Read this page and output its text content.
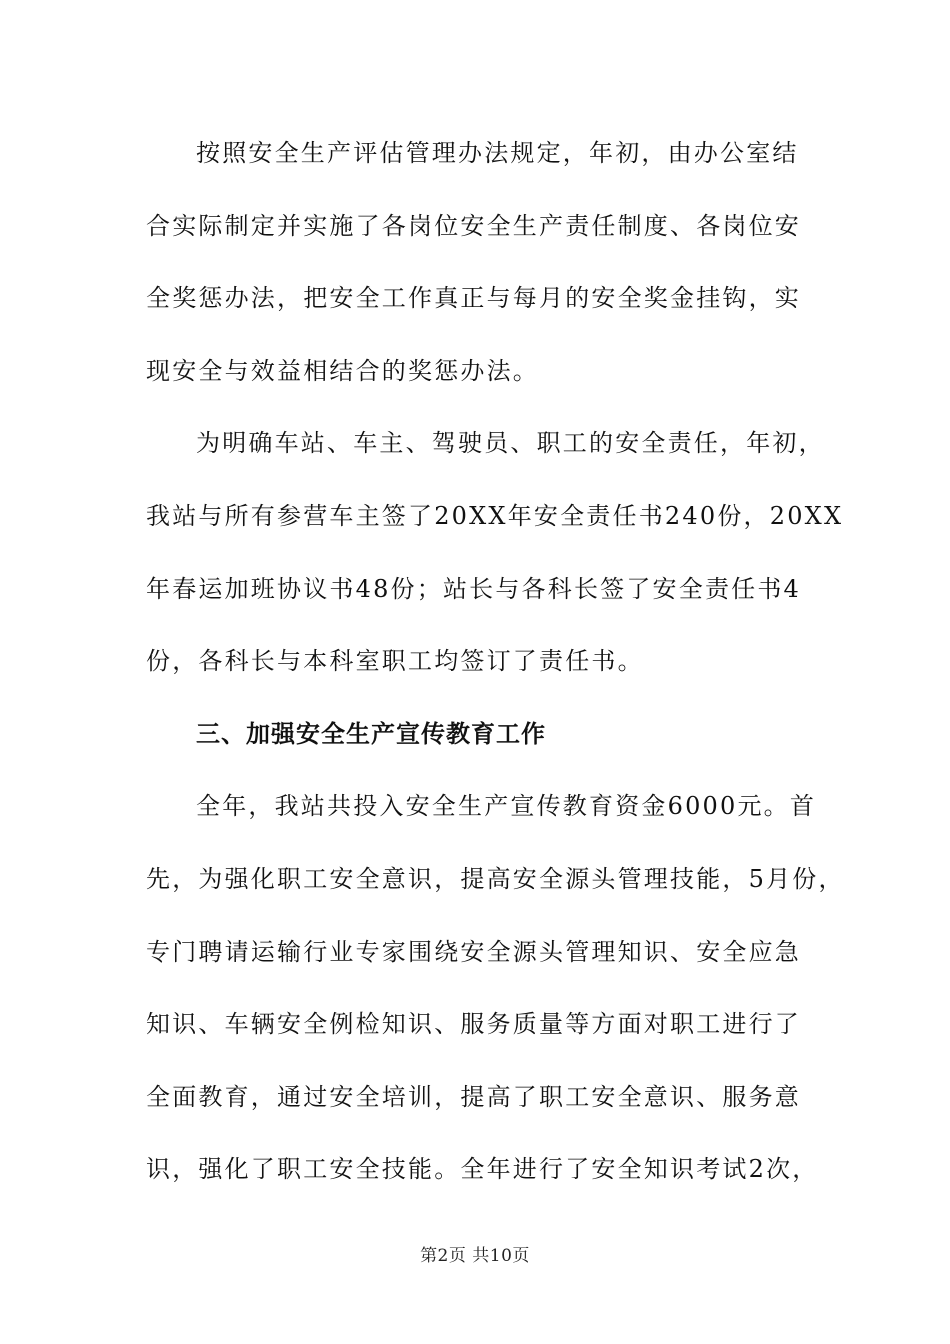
按照安全生产评估管理办法规定，年初，由办公室结
合实际制定并实施了各岗位安全生产责任制度、各岗位安
全奖惩办法，把安全工作真正与每月的安全奖金挂钩，实
现安全与效益相结合的奖惩办法。
为明确车站、车主、驾驶员、职工的安全责任，年初，
我站与所有参营车主签了20XX年安全责任书240份，20XX
年春运加班协议书48份；站长与各科长签了安全责任书4
份，各科长与本科室职工均签订了责任书。
三、加强安全生产宣传教育工作
全年，我站共投入安全生产宣传教育资金6000元。首
先，为强化职工安全意识，提高安全源头管理技能，5月份，
专门聘请运输行业专家围绕安全源头管理知识、安全应急
知识、车辆安全例检知识、服务质量等方面对职工进行了
全面教育，通过安全培训，提高了职工安全意识、服务意
识，强化了职工安全技能。全年进行了安全知识考试2次，
第2页 共10页
